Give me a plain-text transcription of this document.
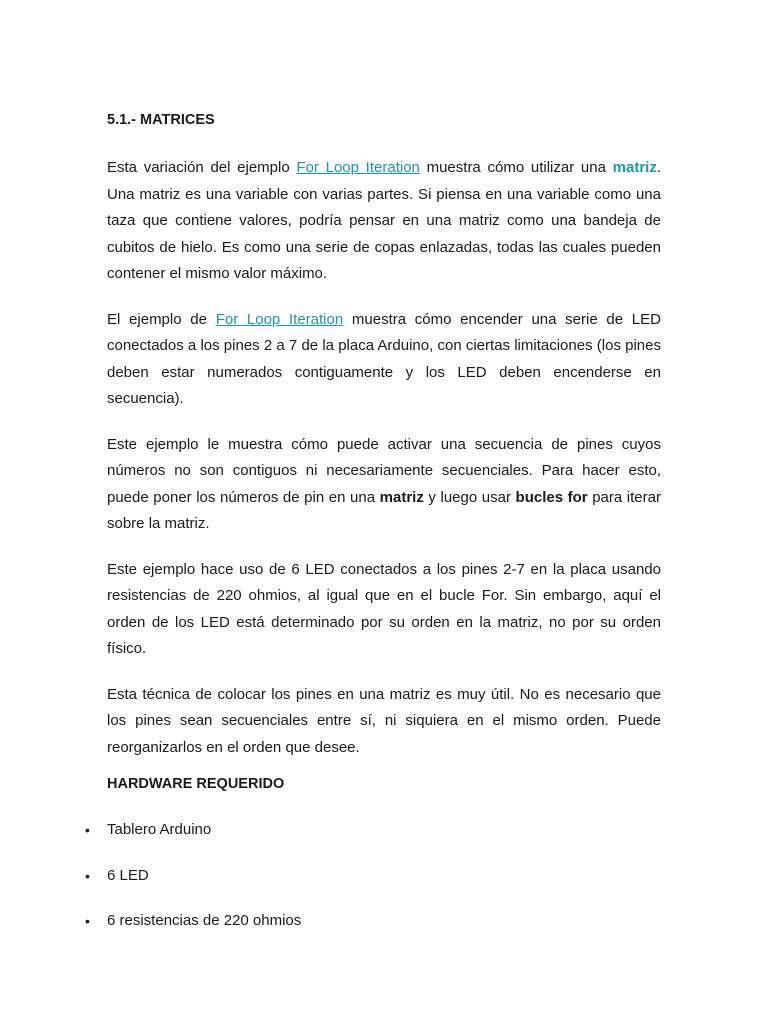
5.1.- MATRICES

Esta variación del ejemplo For Loop Iteration muestra cómo utilizar una matriz. Una matriz es una variable con varias partes. Si piensa en una variable como una taza que contiene valores, podría pensar en una matriz como una bandeja de cubitos de hielo. Es como una serie de copas enlazadas, todas las cuales pueden contener el mismo valor máximo.

El ejemplo de For Loop Iteration muestra cómo encender una serie de LED conectados a los pines 2 a 7 de la placa Arduino, con ciertas limitaciones (los pines deben estar numerados contiguamente y los LED deben encenderse en secuencia).

Este ejemplo le muestra cómo puede activar una secuencia de pines cuyos números no son contiguos ni necesariamente secuenciales. Para hacer esto, puede poner los números de pin en una matriz y luego usar bucles for para iterar sobre la matriz.

Este ejemplo hace uso de 6 LED conectados a los pines 2-7 en la placa usando resistencias de 220 ohmios, al igual que en el bucle For. Sin embargo, aquí el orden de los LED está determinado por su orden en la matriz, no por su orden físico.

Esta técnica de colocar los pines en una matriz es muy útil. No es necesario que los pines sean secuenciales entre sí, ni siquiera en el mismo orden. Puede reorganizarlos en el orden que desee.

HARDWARE REQUERIDO
• Tablero Arduino
• 6 LED
• 6 resistencias de 220 ohmios
